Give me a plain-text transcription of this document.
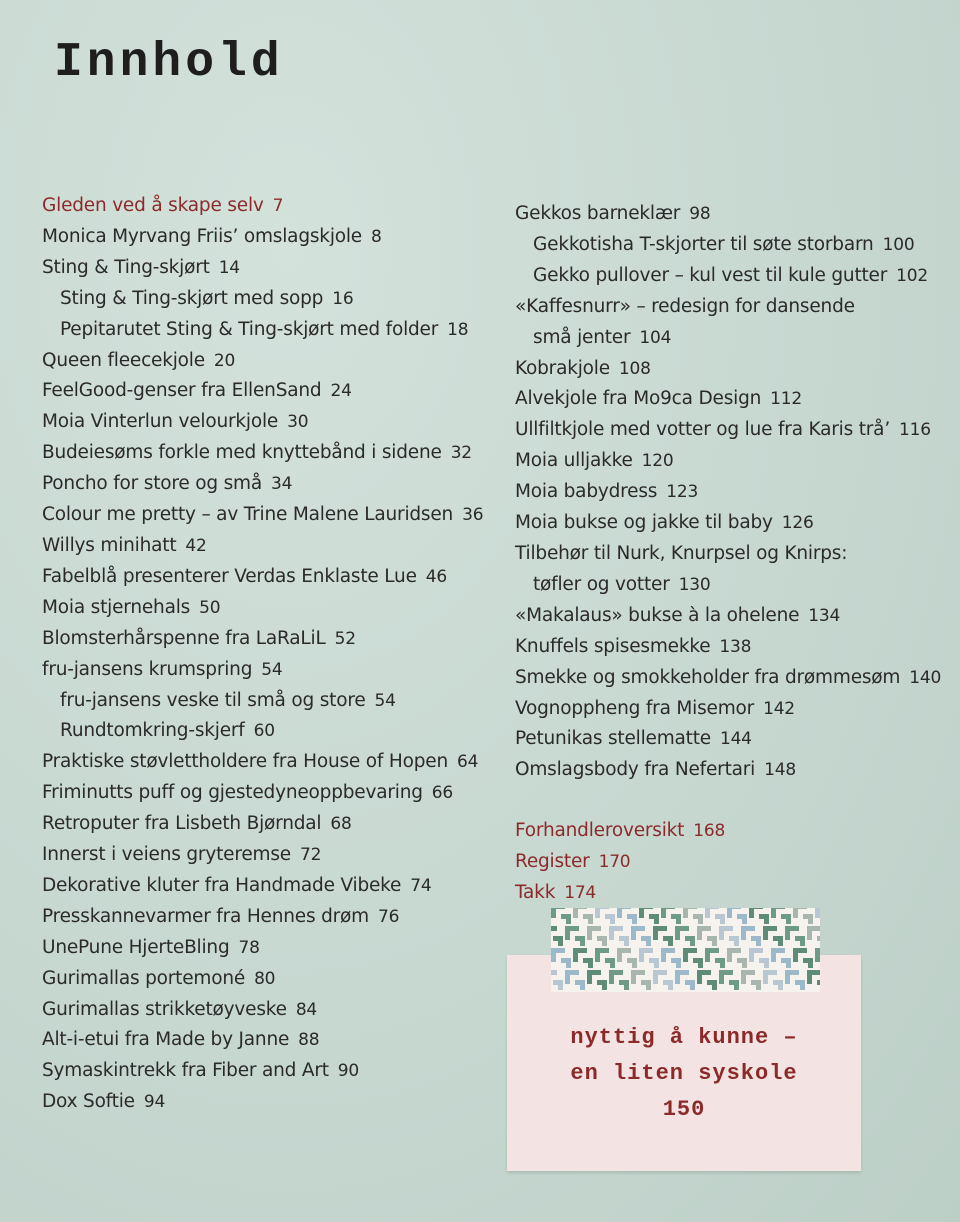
Innhold
Gleden ved å skape selv 7
Monica Myrvang Friis’ omslagskjole 8
Sting & Ting-skjørt 14
Sting & Ting-skjørt med sopp 16
Pepitarutet Sting & Ting-skjørt med folder 18
Queen fleecekjole 20
FeelGood-genser fra EllenSand 24
Moia Vinterlun velourkjole 30
Budeiesøms forkle med knyttebånd i sidene 32
Poncho for store og små 34
Colour me pretty – av Trine Malene Lauridsen 36
Willys minihatt 42
Fabelblå presenterer Verdas Enklaste Lue 46
Moia stjernehals 50
Blomsterhårspenne fra LaRaLiL 52
fru-jansens krumspring 54
fru-jansens veske til små og store 54
Rundtomkring-skjerf 60
Praktiske støvlettholdere fra House of Hopen 64
Friminutts puff og gjestedyneoppbevaring 66
Retroputer fra Lisbeth Bjørndal 68
Innerst i veiens gryteremse 72
Dekorative kluter fra Handmade Vibeke 74
Presskannevarmer fra Hennes drøm 76
UnePune HjerteBling 78
Gurimallas portemoné 80
Gurimallas strikketøyveske 84
Alt-i-etui fra Made by Janne 88
Symaskintrekk fra Fiber and Art 90
Dox Softie 94
Gekkos barneklær 98
Gekkotisha T-skjorter til søte storbarn 100
Gekko pullover – kul vest til kule gutter 102
«Kaffesnurr» – redesign for dansende
små jenter 104
Kobrakjole 108
Alvekjole fra Mo9ca Design 112
Ullfiltkjole med votter og lue fra Karis trå’ 116
Moia ulljakke 120
Moia babydress 123
Moia bukse og jakke til baby 126
Tilbehør til Nurk, Knurpsel og Knirps:
tøfler og votter 130
«Makalaus» bukse à la ohelene 134
Knuffels spisesmekke 138
Smekke og smokkeholder fra drømmesøm 140
Vognoppheng fra Misemor 142
Petunikas stellematte 144
Omslagsbody fra Nefertari 148
Forhandleroversikt 168
Register 170
Takk 174
nyttig å kunne –
en liten syskole
150
